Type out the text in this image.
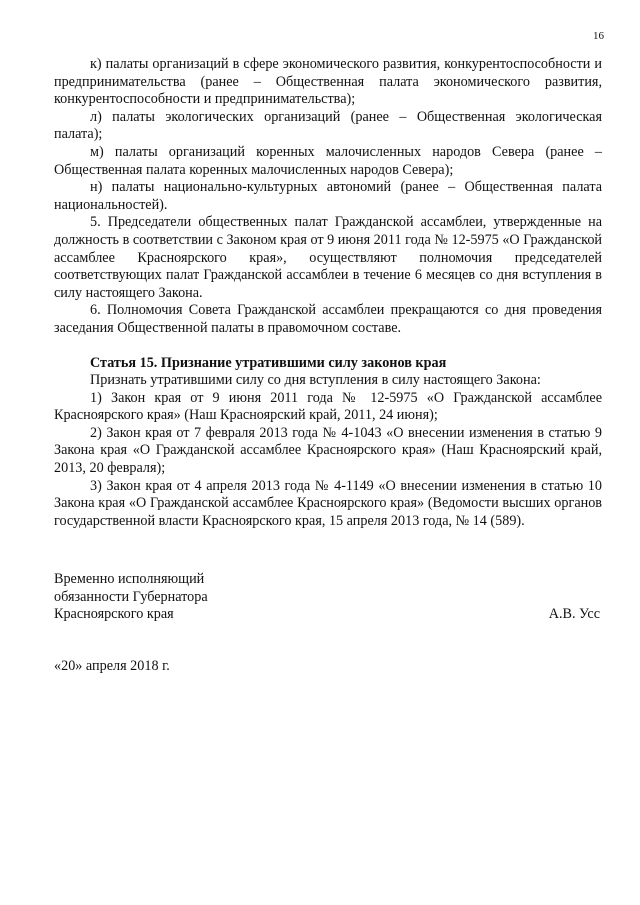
16

к) палаты организаций в сфере экономического развития, конкурентоспособности и предпринимательства (ранее – Общественная палата экономического развития, конкурентоспособности и предпринимательства);

л) палаты экологических организаций (ранее – Общественная экологическая палата);

м) палаты организаций коренных малочисленных народов Севера (ранее – Общественная палата коренных малочисленных народов Севера);

н) палаты национально-культурных автономий (ранее – Общественная палата национальностей).

5. Председатели общественных палат Гражданской ассамблеи, утвержденные на должность в соответствии с Законом края от 9 июня 2011 года № 12-5975 «О Гражданской ассамблее Красноярского края», осуществляют полномочия председателей соответствующих палат Гражданской ассамблеи в течение 6 месяцев со дня вступления в силу настоящего Закона.

6. Полномочия Совета Гражданской ассамблеи прекращаются со дня проведения заседания Общественной палаты в правомочном составе.

Статья 15. Признание утратившими силу законов края

Признать утратившими силу со дня вступления в силу настоящего Закона:

1) Закон края от 9 июня 2011 года № 12-5975 «О Гражданской ассамблее Красноярского края» (Наш Красноярский край, 2011, 24 июня);

2) Закон края от 7 февраля 2013 года № 4-1043 «О внесении изменения в статью 9 Закона края «О Гражданской ассамблее Красноярского края» (Наш Красноярский край, 2013, 20 февраля);

3) Закон края от 4 апреля 2013 года № 4-1149 «О внесении изменения в статью 10 Закона края «О Гражданской ассамблее Красноярского края» (Ведомости высших органов государственной власти Красноярского края, 15 апреля 2013 года, № 14 (589).

Временно исполняющий
обязанности Губернатора
Красноярского края	А.В. Усс
«20» апреля 2018 г.
